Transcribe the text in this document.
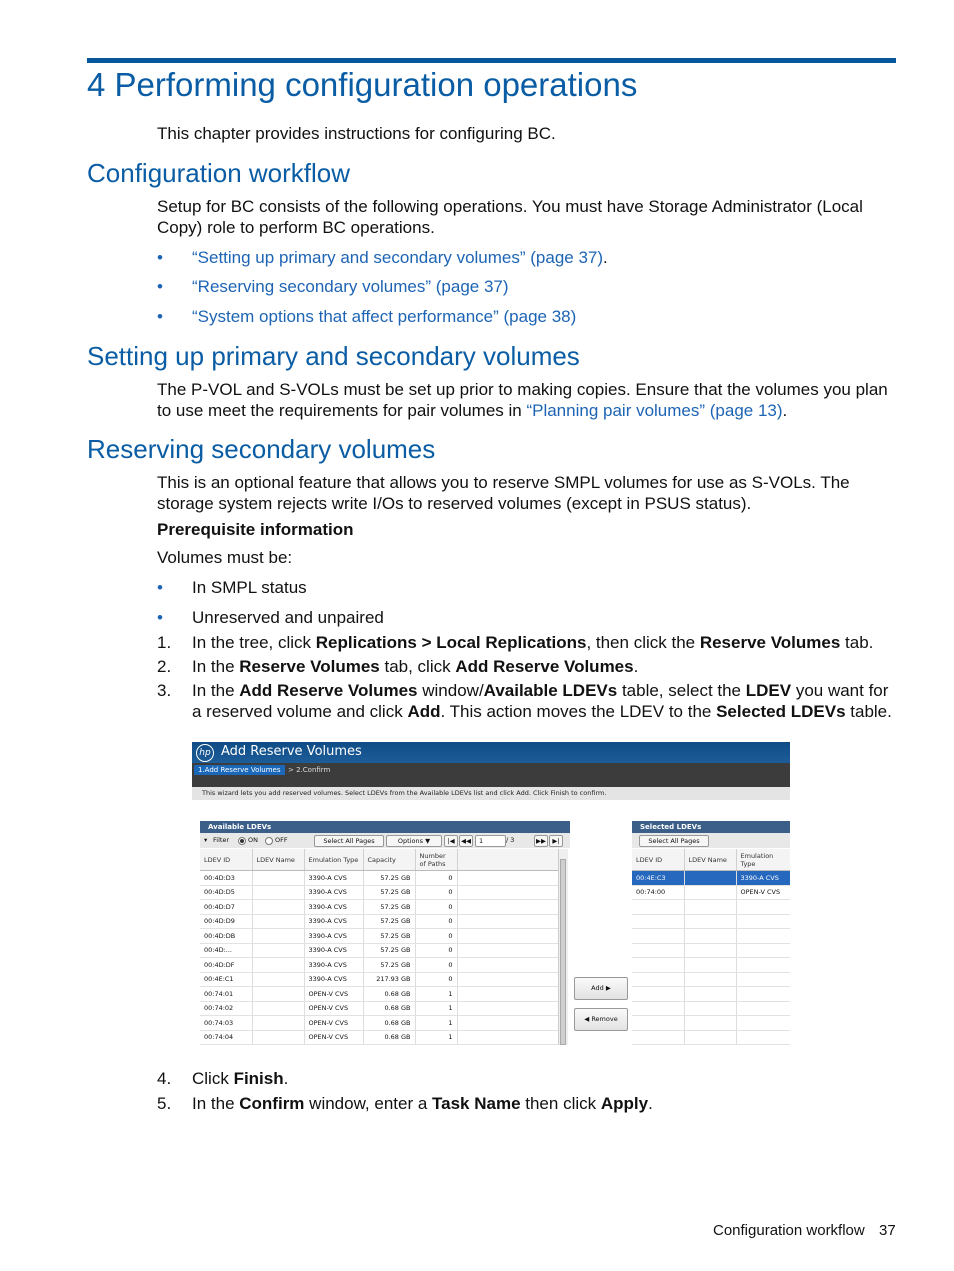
4 Performing configuration operations
This chapter provides instructions for configuring BC.
Configuration workflow
Setup for BC consists of the following operations. You must have Storage Administrator (Local Copy) role to perform BC operations.
• “Setting up primary and secondary volumes” (page 37).
• “Reserving secondary volumes” (page 37)
• “System options that affect performance” (page 38)
Setting up primary and secondary volumes
The P-VOL and S-VOLs must be set up prior to making copies. Ensure that the volumes you plan to use meet the requirements for pair volumes in “Planning pair volumes” (page 13).
Reserving secondary volumes
This is an optional feature that allows you to reserve SMPL volumes for use as S-VOLs. The storage system rejects write I/Os to reserved volumes (except in PSUS status).
Prerequisite information
Volumes must be:
• In SMPL status
• Unreserved and unpaired
1. In the tree, click Replications > Local Replications, then click the Reserve Volumes tab.
2. In the Reserve Volumes tab, click Add Reserve Volumes.
3. In the Add Reserve Volumes window/Available LDEVs table, select the LDEV you want for a reserved volume and click Add. This action moves the LDEV to the Selected LDEVs table.
hp Add Reserve Volumes
1.Add Reserve Volumes	> 2.Confirm
This wizard lets you add reserved volumes. Select LDEVs from the Available LDEVs list and click Add. Click Finish to confirm.
Available LDEVs
▾ Filter	ON	OFF	Select All Pages	Options ▼	|◀ ◀◀	1	/ 3	▶▶ ▶|
LDEV ID	LDEV Name	Emulation Type	Capacity	Number of Paths	
00:4D:D3		3390-A CVS	57.25 GB	0	
00:4D:D5		3390-A CVS	57.25 GB	0	
00:4D:D7		3390-A CVS	57.25 GB	0	
00:4D:D9		3390-A CVS	57.25 GB	0	
00:4D:DB		3390-A CVS	57.25 GB	0	
00:4D:...		3390-A CVS	57.25 GB	0	
00:4D:DF		3390-A CVS	57.25 GB	0	
00:4E:C1		3390-A CVS	217.93 GB	0	
00:74:01		OPEN-V CVS	0.68 GB	1	
00:74:02		OPEN-V CVS	0.68 GB	1	
00:74:03		OPEN-V CVS	0.68 GB	1	
00:74:04		OPEN-V CVS	0.68 GB	1	
Add ▶
◀ Remove
Selected LDEVs
Select All Pages
LDEV ID	LDEV Name	Emulation Type
00:4E:C3		3390-A CVS
00:74:00		OPEN-V CVS

4. Click Finish.
5. In the Confirm window, enter a Task Name then click Apply.
Configuration workflow 37
